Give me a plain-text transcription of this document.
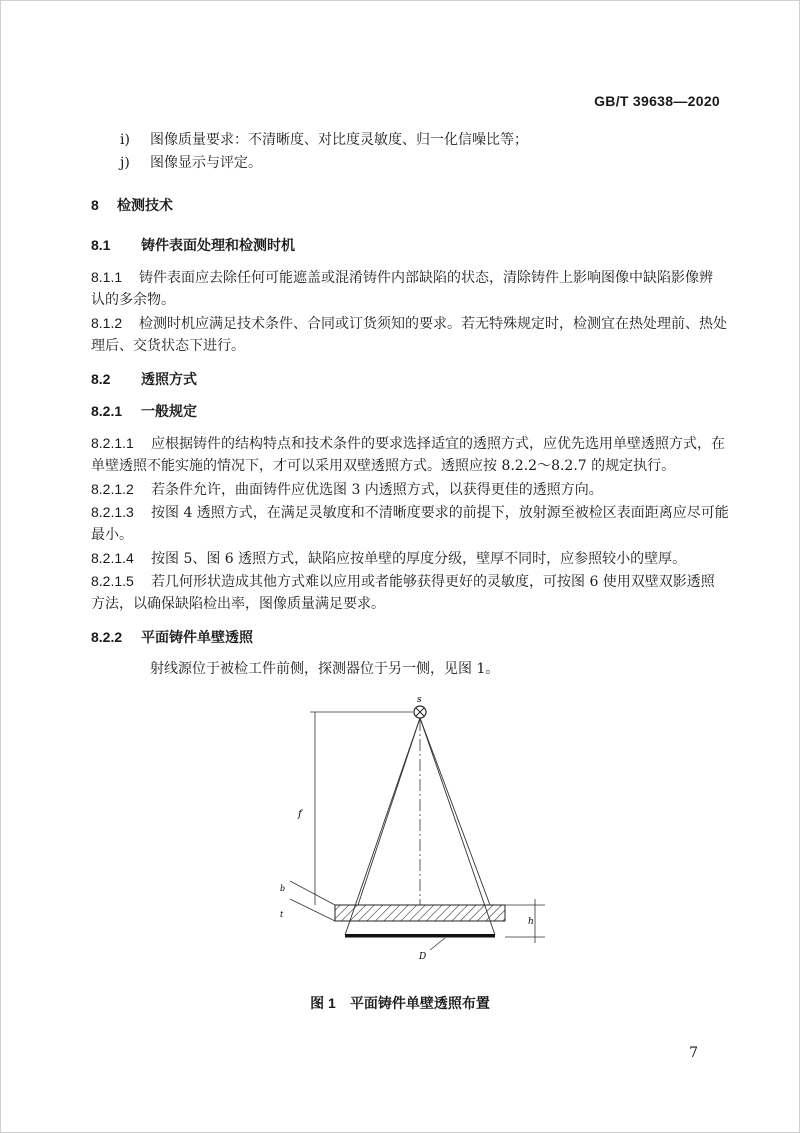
GB/T 39638—2020
i) 图像质量要求：不清晰度、对比度灵敏度、归一化信噪比等；
j) 图像显示与评定。
8 检测技术
8.1 铸件表面处理和检测时机
8.1.1 铸件表面应去除任何可能遮盖或混淆铸件内部缺陷的状态，清除铸件上影响图像中缺陷影像辨
认的多余物。
8.1.2 检测时机应满足技术条件、合同或订货须知的要求。若无特殊规定时，检测宜在热处理前、热处
理后、交货状态下进行。
8.2 透照方式
8.2.1 一般规定
8.2.1.1 应根据铸件的结构特点和技术条件的要求选择适宜的透照方式，应优先选用单壁透照方式，在
单壁透照不能实施的情况下，才可以采用双壁透照方式。透照应按 8.2.2～8.2.7 的规定执行。
8.2.1.2 若条件允许，曲面铸件应优选图 3 内透照方式，以获得更佳的透照方向。
8.2.1.3 按图 4 透照方式，在满足灵敏度和不清晰度要求的前提下，放射源至被检区表面距离应尽可能
最小。
8.2.1.4 按图 5、图 6 透照方式，缺陷应按单壁的厚度分级，壁厚不同时，应参照较小的壁厚。
8.2.1.5 若几何形状造成其他方式难以应用或者能够获得更好的灵敏度，可按图 6 使用双壁双影透照
方法，以确保缺陷检出率，图像质量满足要求。
8.2.2 平面铸件单壁透照
射线源位于被检工件前侧，探测器位于另一侧，见图 1。
s
f
b
t
h
D
图 1 平面铸件单壁透照布置
7
